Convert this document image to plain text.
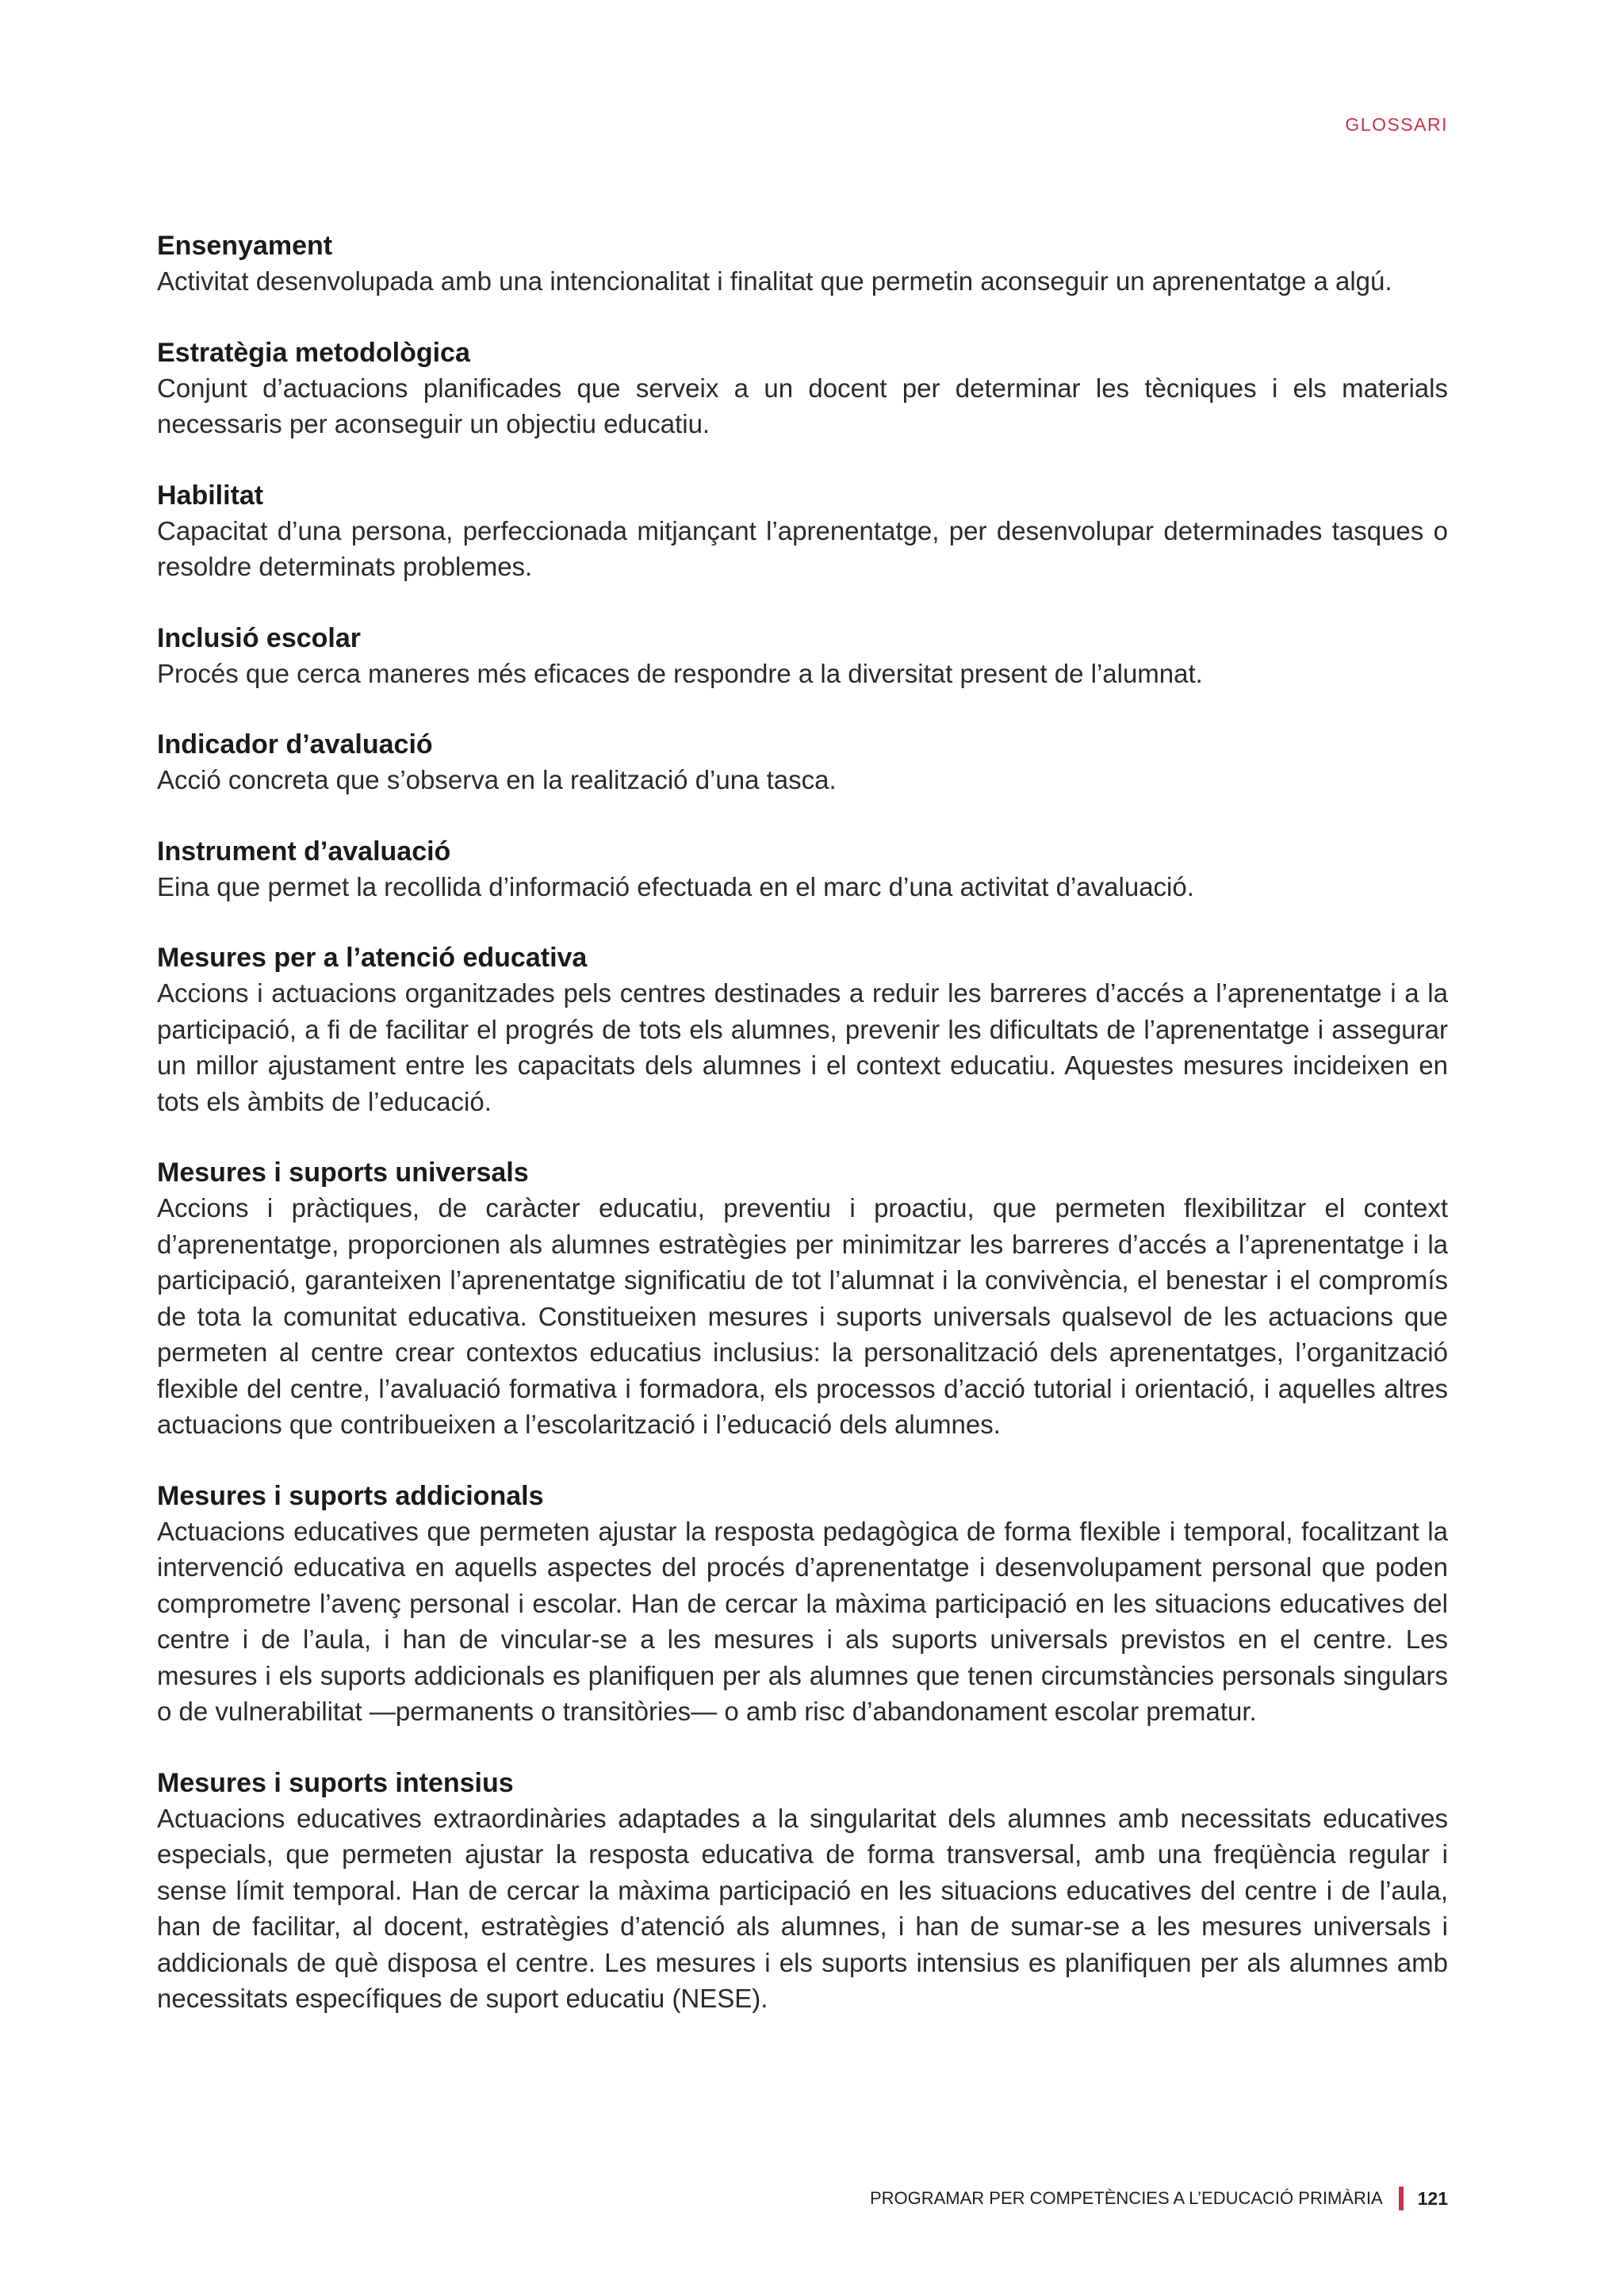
GLOSSARI
Ensenyament

Activitat desenvolupada amb una intencionalitat i finalitat que permetin aconseguir un aprenentatge a algú.

Estratègia metodològica

Conjunt d’actuacions planificades que serveix a un docent per determinar les tècniques i els materials necessaris per aconseguir un objectiu educatiu.

Habilitat

Capacitat d’una persona, perfeccionada mitjançant l’aprenentatge, per desenvolupar determinades tasques o resoldre determinats problemes.

Inclusió escolar

Procés que cerca maneres més eficaces de respondre a la diversitat present de l’alumnat.

Indicador d’avaluació

Acció concreta que s’observa en la realització d’una tasca.

Instrument d’avaluació

Eina que permet la recollida d’informació efectuada en el marc d’una activitat d’avaluació.

Mesures per a l’atenció educativa

Accions i actuacions organitzades pels centres destinades a reduir les barreres d’accés a l’aprenentatge i a la participació, a fi de facilitar el progrés de tots els alumnes, prevenir les dificultats de l’aprenentatge i assegurar un millor ajustament entre les capacitats dels alumnes i el context educatiu. Aquestes mesures incideixen en tots els àmbits de l’educació.

Mesures i suports universals

Accions i pràctiques, de caràcter educatiu, preventiu i proactiu, que permeten flexibilitzar el context d’aprenentatge, proporcionen als alumnes estratègies per minimitzar les barreres d’accés a l’aprenentatge i la participació, garanteixen l’aprenentatge significatiu de tot l’alumnat i la convivència, el benestar i el compromís de tota la comunitat educativa. Constitueixen mesures i suports universals qualsevol de les actuacions que permeten al centre crear contextos educatius inclusius: la personalització dels aprenentatges, l’organització flexible del centre, l’avaluació formativa i formadora, els processos d’acció tutorial i orientació, i aquelles altres actuacions que contribueixen a l’escolarització i l’educació dels alumnes.

Mesures i suports addicionals

Actuacions educatives que permeten ajustar la resposta pedagògica de forma flexible i temporal, focalitzant la intervenció educativa en aquells aspectes del procés d’aprenentatge i desenvolupament personal que poden comprometre l’avenç personal i escolar. Han de cercar la màxima participació en les situacions educatives del centre i de l’aula, i han de vincular-se a les mesures i als suports universals previstos en el centre. Les mesures i els suports addicionals es planifiquen per als alumnes que tenen circumstàncies personals singulars o de vulnerabilitat —permanents o transitòries— o amb risc d’abandonament escolar prematur.

Mesures i suports intensius

Actuacions educatives extraordinàries adaptades a la singularitat dels alumnes amb necessitats educatives especials, que permeten ajustar la resposta educativa de forma transversal, amb una freqüència regular i sense límit temporal. Han de cercar la màxima participació en les situacions educatives del centre i de l’aula, han de facilitar, al docent, estratègies d’atenció als alumnes, i han de sumar-se a les mesures universals i addicionals de què disposa el centre. Les mesures i els suports intensius es planifiquen per als alumnes amb necessitats específiques de suport educatiu (NESE).

PROGRAMAR PER COMPETÈNCIES A L’EDUCACIÓ PRIMÀRIA 121
